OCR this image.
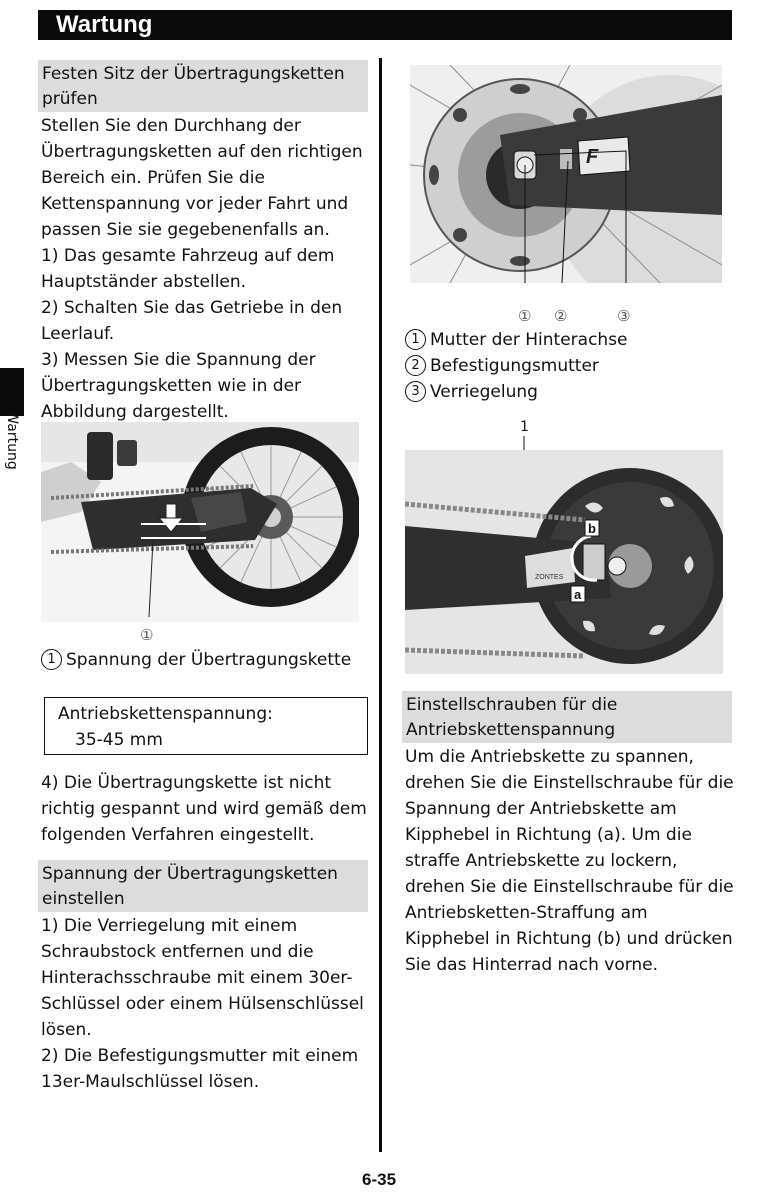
Wartung
Wartung
Festen Sitz der Übertragungsketten prüfen

Stellen Sie den Durchhang der Übertragungsketten auf den richtigen Bereich ein. Prüfen Sie die Kettenspannung vor jeder Fahrt und passen Sie sie gegebenenfalls an.

1) Das gesamte Fahrzeug auf dem Hauptständer abstellen.

2) Schalten Sie das Getriebe in den Leerlauf.

3) Messen Sie die Spannung der Übertragungsketten wie in der Abbildung dargestellt.

①
1 Spannung der Übertragungskette
Antriebskettenspannung:
35-45 mm

4) Die Übertragungskette ist nicht richtig gespannt und wird gemäß dem folgenden Verfahren eingestellt.

Spannung der Übertragungsketten einstellen

1) Die Verriegelung mit einem Schraubstock entfernen und die Hinterachsschraube mit einem 30er-Schlüssel oder einem Hülsenschlüssel lösen.

2) Die Befestigungsmutter mit einem 13er-Maulschlüssel lösen.

F
① ②	③
1 Mutter der Hinterachse
2 Befestigungsmutter
3 Verriegelung
1
ZONTES
b
a
Einstellschrauben für die Antriebskettenspannung

Um die Antriebskette zu spannen, drehen Sie die Einstellschraube für die Spannung der Antriebskette am Kipphebel in Richtung (a). Um die straffe Antriebskette zu lockern, drehen Sie die Einstellschraube für die Antriebsketten-Straffung am Kipphebel in Richtung (b) und drücken Sie das Hinterrad nach vorne.

6-35
